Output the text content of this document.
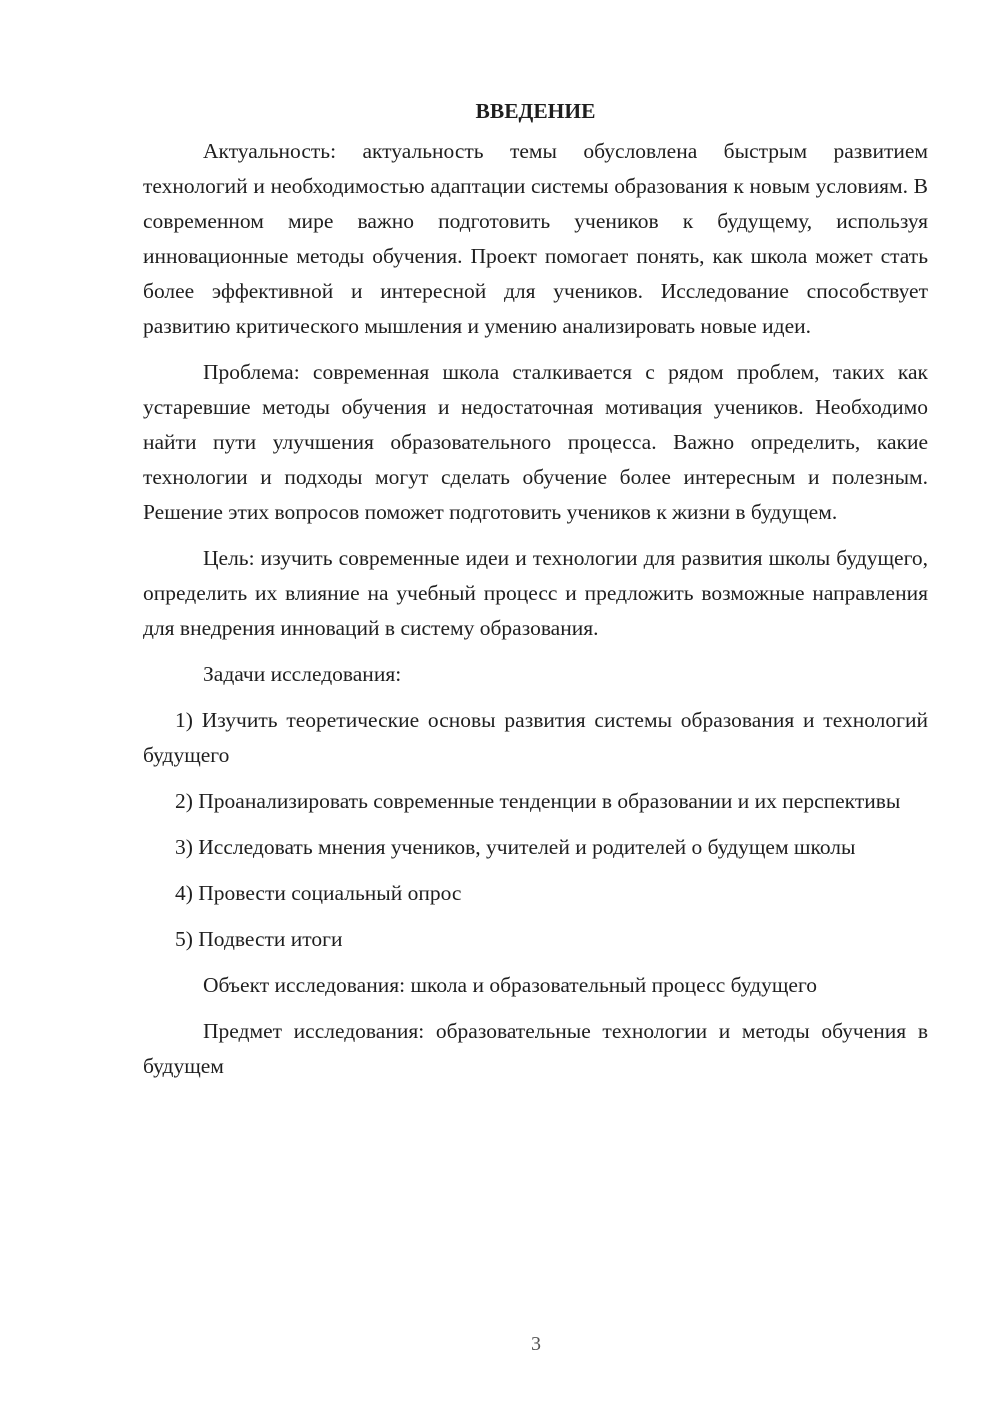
ВВЕДЕНИЕ

Актуальность: актуальность темы обусловлена быстрым развитием технологий и необходимостью адаптации системы образования к новым условиям. В современном мире важно подготовить учеников к будущему, используя инновационные методы обучения. Проект помогает понять, как школа может стать более эффективной и интересной для учеников. Исследование способствует развитию критического мышления и умению анализировать новые идеи.

Проблема: современная школа сталкивается с рядом проблем, таких как устаревшие методы обучения и недостаточная мотивация учеников. Необходимо найти пути улучшения образовательного процесса. Важно определить, какие технологии и подходы могут сделать обучение более интересным и полезным. Решение этих вопросов поможет подготовить учеников к жизни в будущем.

Цель: изучить современные идеи и технологии для развития школы будущего, определить их влияние на учебный процесс и предложить возможные направления для внедрения инноваций в систему образования.

Задачи исследования:

1) Изучить теоретические основы развития системы образования и технологий будущего

2) Проанализировать современные тенденции в образовании и их перспективы

3) Исследовать мнения учеников, учителей и родителей о будущем школы

4) Провести социальный опрос

5) Подвести итоги

Объект исследования: школа и образовательный процесс будущего

Предмет исследования: образовательные технологии и методы обучения в будущем

3
